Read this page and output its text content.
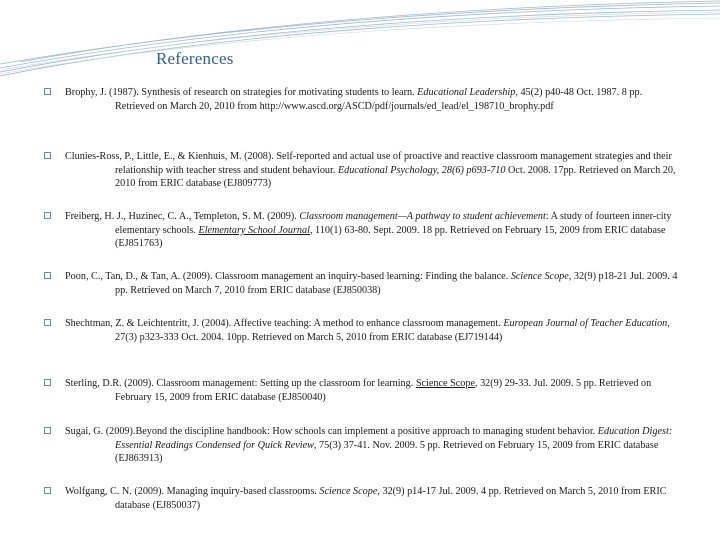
References
Brophy, J. (1987). Synthesis of research on strategies for motivating students to learn. Educational Leadership, 45(2) p40-48 Oct. 1987. 8 pp. Retrieved on March 20, 2010 from http://www.ascd.org/ASCD/pdf/journals/ed_lead/el_198710_brophy.pdf
Clunies-Ross, P., Little, E., & Kienhuis, M. (2008). Self-reported and actual use of proactive and reactive classroom management strategies and their relationship with teacher stress and student behaviour. Educational Psychology, 28(6) p693-710 Oct. 2008. 17pp. Retrieved on March 20, 2010 from ERIC database (EJ809773)
Freiberg, H. J., Huzinec, C. A., Templeton, S. M. (2009). Classroom management—A pathway to student achievement: A study of fourteen inner-city elementary schools. Elementary School Journal, 110(1) 63-80. Sept. 2009. 18 pp. Retrieved on February 15, 2009 from ERIC database (EJ851763)
Poon, C., Tan, D., & Tan, A. (2009). Classroom management an inquiry-based learning: Finding the balance. Science Scope, 32(9) p18-21 Jul. 2009. 4 pp. Retrieved on March 7, 2010 from ERIC database (EJ850038)
Shechtman, Z. & Leichtentritt, J. (2004). Affective teaching: A method to enhance classroom management. European Journal of Teacher Education, 27(3) p323-333 Oct. 2004. 10pp. Retrieved on March 5, 2010 from ERIC database (EJ719144)
Sterling, D.R. (2009). Classroom management: Setting up the classroom for learning. Science Scope, 32(9) 29-33. Jul. 2009. 5 pp. Retrieved on February 15, 2009 from ERIC database (EJ850040)
Sugai, G. (2009).Beyond the discipline handbook: How schools can implement a positive approach to managing student behavior. Education Digest: Essential Readings Condensed for Quick Review, 75(3) 37-41. Nov. 2009. 5 pp. Retrieved on February 15, 2009 from ERIC database (EJ863913)
Wolfgang, C. N. (2009). Managing inquiry-based classrooms. Science Scope, 32(9) p14-17 Jul. 2009. 4 pp. Retrieved on March 5, 2010 from ERIC database (EJ850037)
